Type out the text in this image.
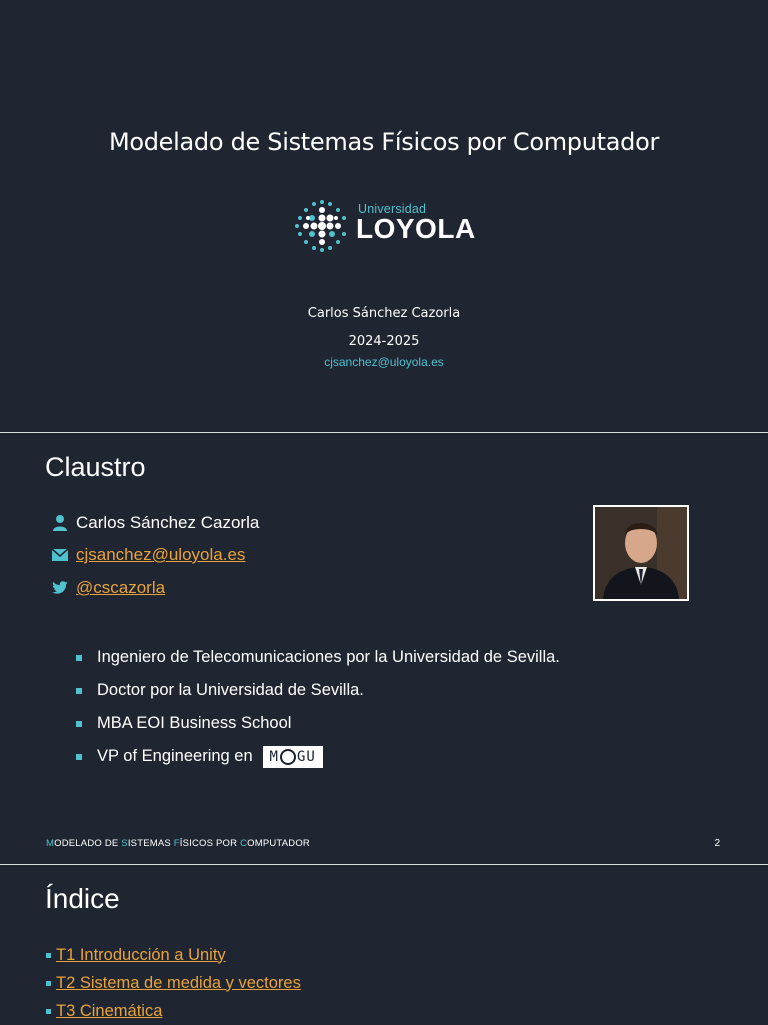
Modelado de Sistemas Físicos por Computador
Universidad
LOYOLA
Carlos Sánchez Cazorla
2024-2025
cjsanchez@uloyola.es
Claustro
Carlos Sánchez Cazorla
cjsanchez@uloyola.es
@cscazorla
Ingeniero de Telecomunicaciones por la Universidad de Sevilla.
Doctor por la Universidad de Sevilla.
MBA EOI Business School
VP of Engineering en M GU
MODELADO DE SISTEMAS FÍSICOS POR COMPUTADOR	2
Índice
T1 Introducción a Unity
T2 Sistema de medida y vectores
T3 Cinemática
